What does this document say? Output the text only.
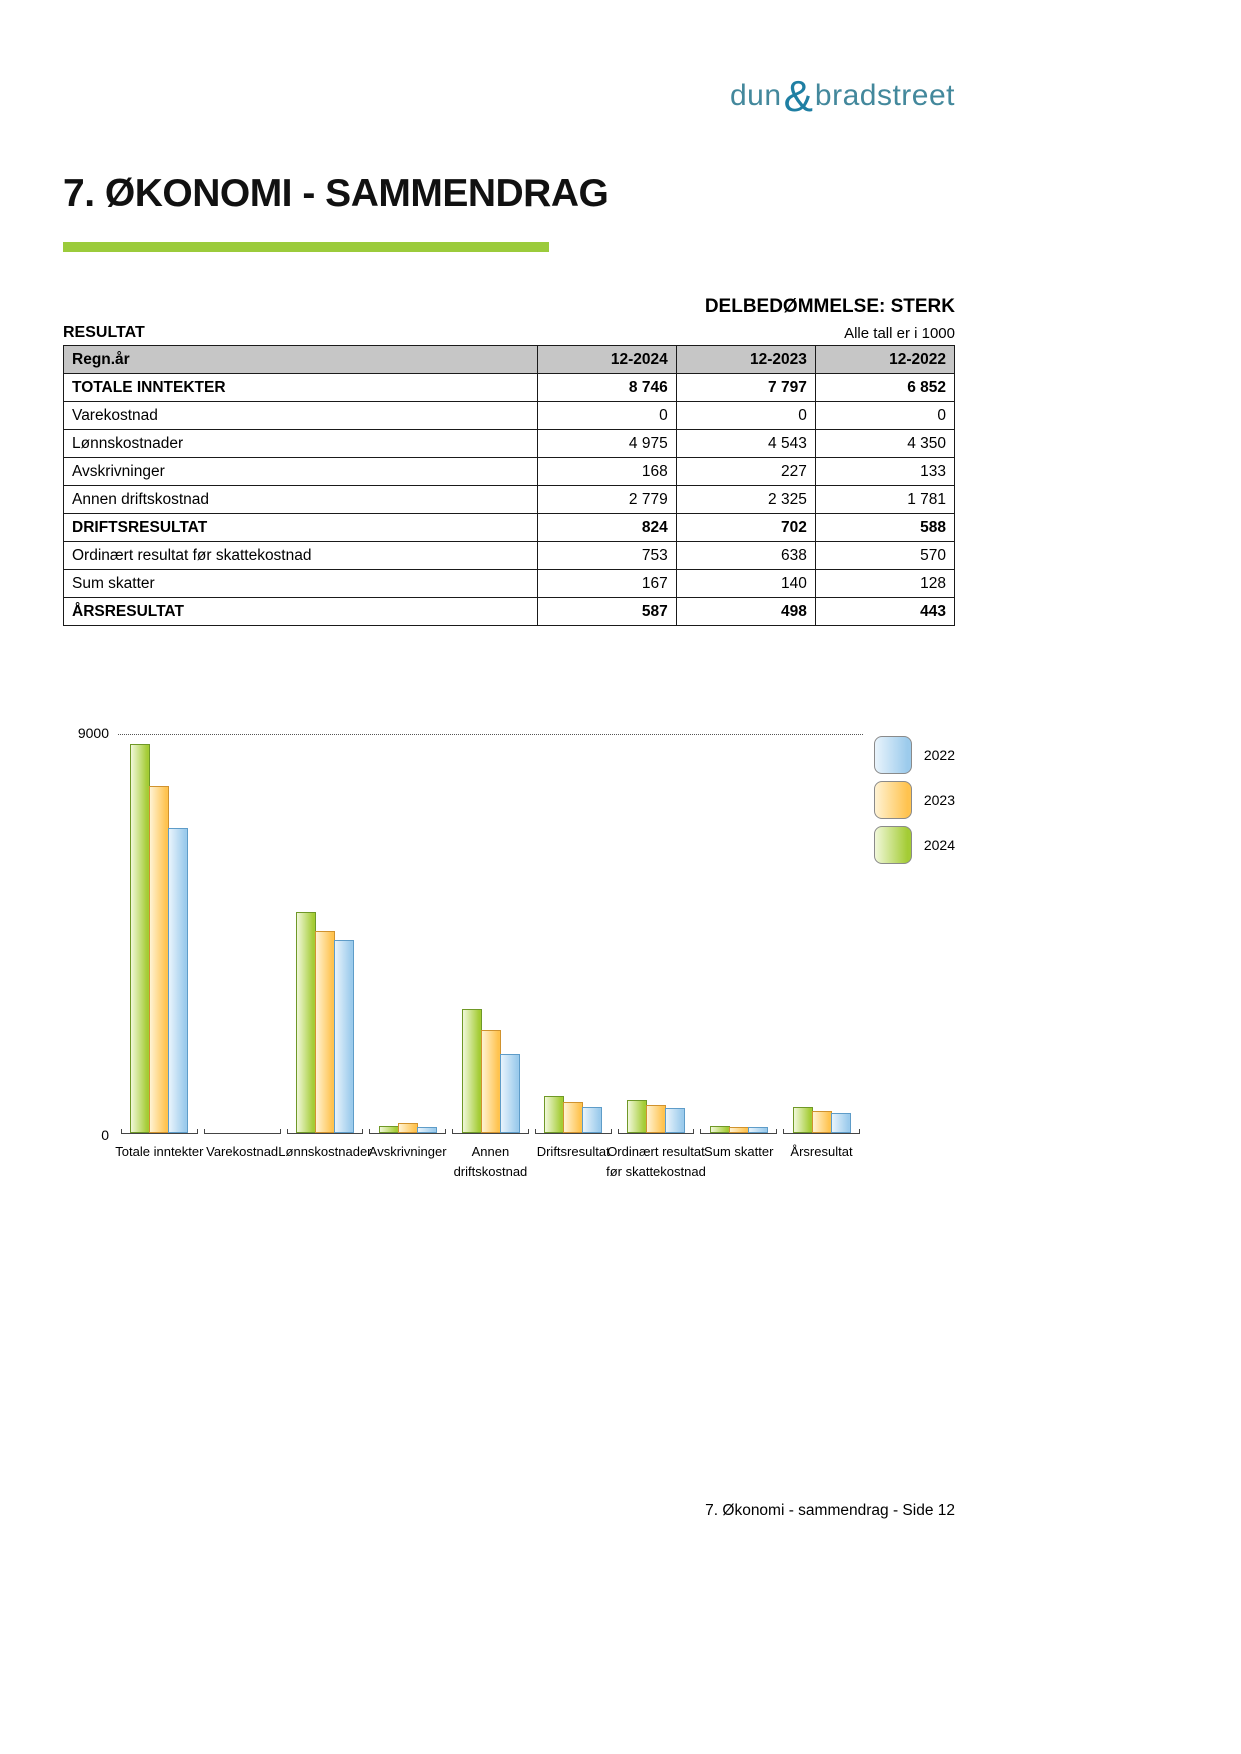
dun&bradstreet
7. ØKONOMI - SAMMENDRAG
DELBEDØMMELSE: STERK
RESULTAT	Alle tall er i 1000
Regn.år	12-2024	12-2023	12-2022
TOTALE INNTEKTER	8 746	7 797	6 852
Varekostnad	0	0	0
Lønnskostnader	4 975	4 543	4 350
Avskrivninger	168	227	133
Annen driftskostnad	2 779	2 325	1 781
DRIFTSRESULTAT	824	702	588
Ordinært resultat før skattekostnad	753	638	570
Sum skatter	167	140	128
ÅRSRESULTAT	587	498	443
9000
0
Totale inntekter Varekostnad Lønnskostnader
Avskrivninger	Annen driftskostnad
Driftsresultat
Ordinært resultat før skattekostnad
Sum skatter Årsresultat
2022
2023
2024
7. Økonomi - sammendrag - Side 12
